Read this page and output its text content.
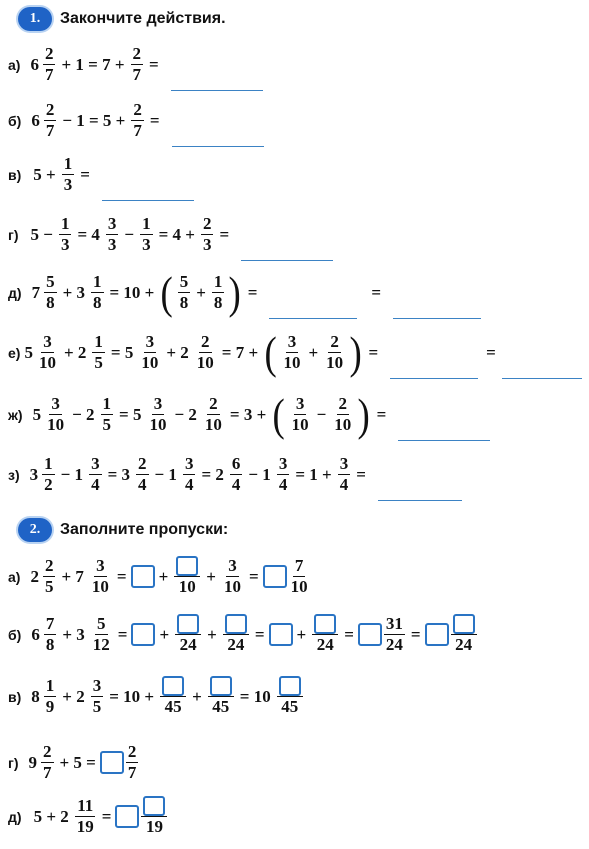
1.	Закончите действия.
а) $6 \frac{2}{7} + 1 = 7 + \frac{2}{7}$ =
б) $6 \frac{2}{7} - 1 = 5 + \frac{2}{7}$ =
в) $5 + \frac{1}{3}$ =
г) $5 - \frac{1}{3} = 4 \frac{3}{3} - \frac{1}{3} = 4 + \frac{2}{3}$ =
д) $7 \frac{5}{8} + 3 \frac{1}{8} = 10$ + ( $\frac{5}{8} + \frac{1}{8}$ ) =	=
е) $5 \frac{3}{10} + 2 \frac{1}{5} = 5 \frac{3}{10} + 2 \frac{2}{10} = 7$ + ( $\frac{3}{10} + \frac{2}{10}$ ) =	=
ж) $5 \frac{3}{10} - 2 \frac{1}{5} = 5 \frac{3}{10} - 2 \frac{2}{10} = 3$ + ( $\frac{3}{10} - \frac{2}{10}$ ) =
з) $3 \frac{1}{2} - 1 \frac{3}{4} = 3 \frac{2}{4} - 1 \frac{3}{4} = 2 \frac{6}{4} - 1 \frac{3}{4} = 1 + \frac{3}{4}$ =
2.	Заполните пропуски:
а) $2 \frac{2}{5} + 7 \frac{3}{10}$ = +
10
+ $\frac{3}{10} = \frac{7}{10}$
б) $6 \frac{7}{8} + 3 \frac{5}{12}$ = +
24
+
24
= +
24
= $\frac{31}{24}$ =
24
в) $8 \frac{1}{9} + 2 \frac{3}{5} = 10$ +
45
+
45
= 10
45
г) $9 \frac{2}{7} + 5 = \frac{2}{7}$
д) $5 + 2 \frac{11}{19}$ =
19
